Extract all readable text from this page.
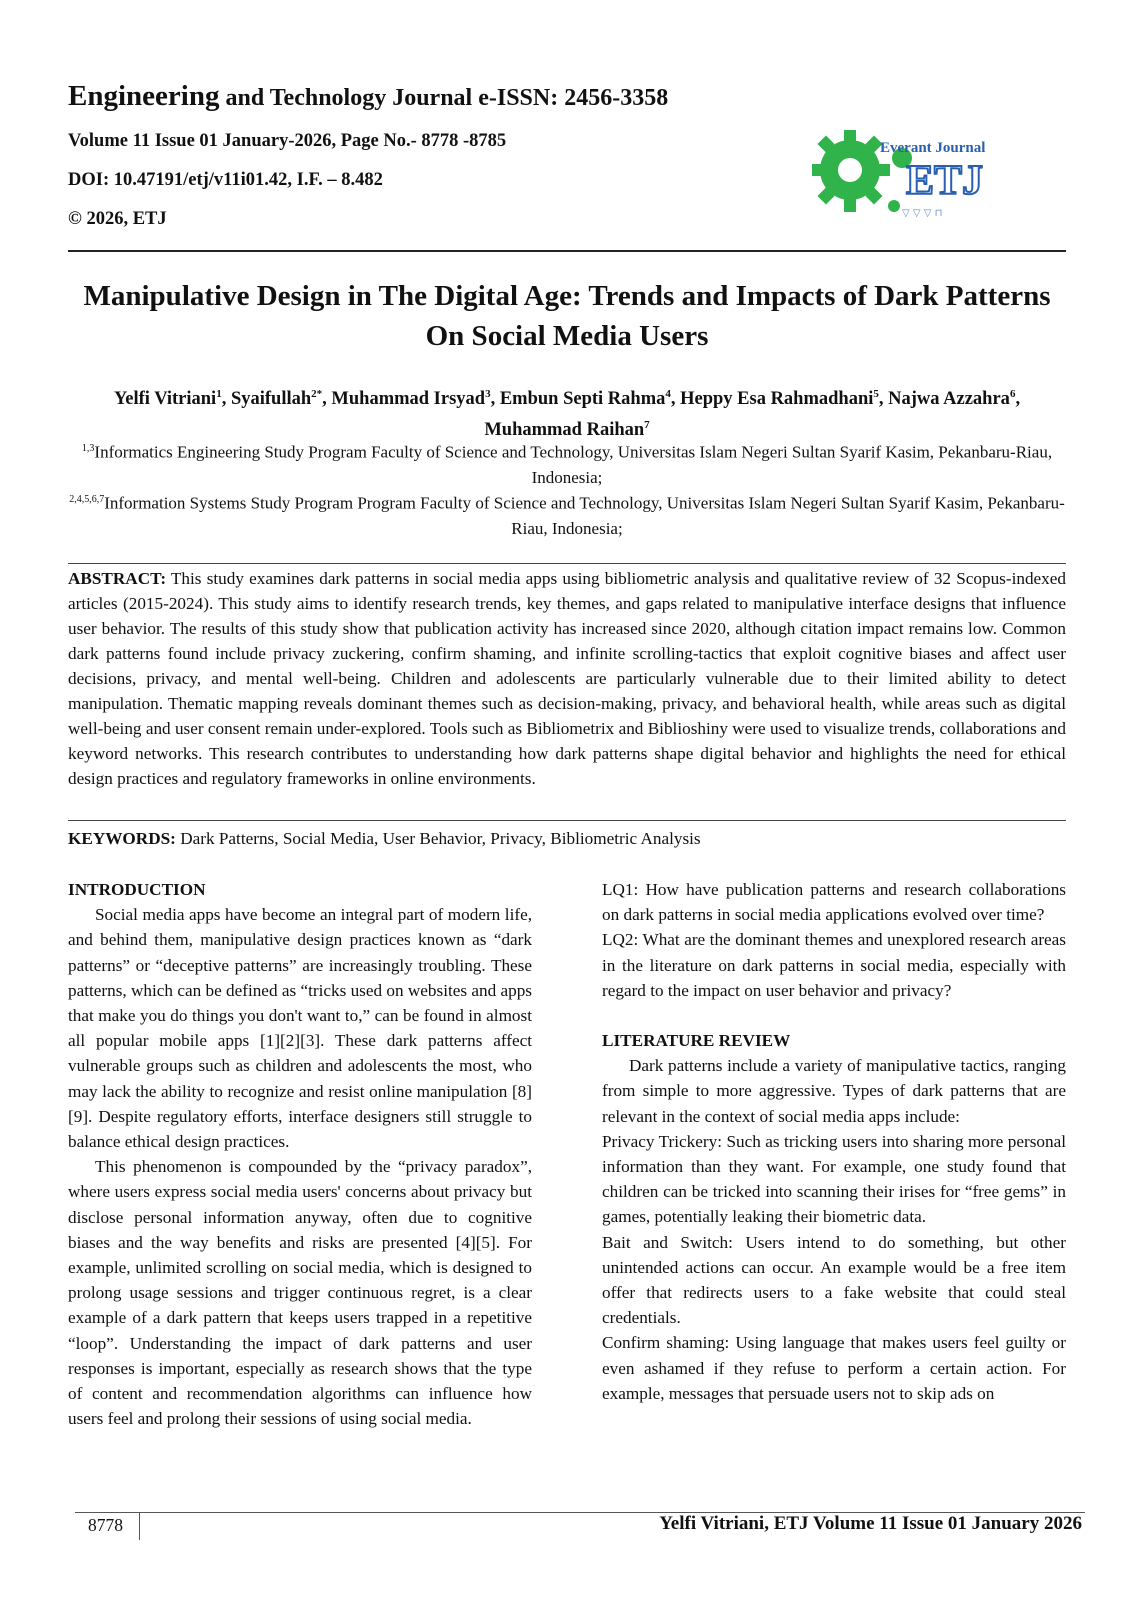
Engineering and Technology Journal e-ISSN: 2456-3358
Volume 11 Issue 01 January-2026, Page No.- 8778 -8785
DOI: 10.47191/etj/v11i01.42, I.F. – 8.482
© 2026, ETJ
Everant Journal
ETJ
▽ ▽ ▽ ⊓
Manipulative Design in The Digital Age: Trends and Impacts of Dark Patterns On Social Media Users
Yelfi Vitriani$^1$, Syaifullah$^{2*}$, Muhammad Irsyad$^3$, Embun Septi Rahma$^4$, Heppy Esa Rahmadhani$^5$, Najwa Azzahra$^6$, Muhammad Raihan$^7$
$^{1,3}$Informatics Engineering Study Program Faculty of Science and Technology, Universitas Islam Negeri Sultan Syarif Kasim, Pekanbaru-Riau, Indonesia;
$^{2,4,5,6,7}$Information Systems Study Program Program Faculty of Science and Technology, Universitas Islam Negeri Sultan Syarif Kasim, Pekanbaru-Riau, Indonesia;
ABSTRACT: This study examines dark patterns in social media apps using bibliometric analysis and qualitative review of 32 Scopus-indexed articles (2015-2024). This study aims to identify research trends, key themes, and gaps related to manipulative interface designs that influence user behavior. The results of this study show that publication activity has increased since 2020, although citation impact remains low. Common dark patterns found include privacy zuckering, confirm shaming, and infinite scrolling-tactics that exploit cognitive biases and affect user decisions, privacy, and mental well-being. Children and adolescents are particularly vulnerable due to their limited ability to detect manipulation. Thematic mapping reveals dominant themes such as decision-making, privacy, and behavioral health, while areas such as digital well-being and user consent remain under-explored. Tools such as Bibliometrix and Biblioshiny were used to visualize trends, collaborations and keyword networks. This research contributes to understanding how dark patterns shape digital behavior and highlights the need for ethical design practices and regulatory frameworks in online environments.
KEYWORDS: Dark Patterns, Social Media, User Behavior, Privacy, Bibliometric Analysis
INTRODUCTION

Social media apps have become an integral part of modern life, and behind them, manipulative design practices known as “dark patterns” or “deceptive patterns” are increasingly troubling. These patterns, which can be defined as “tricks used on websites and apps that make you do things you don't want to,” can be found in almost all popular mobile apps [1][2][3]. These dark patterns affect vulnerable groups such as children and adolescents the most, who may lack the ability to recognize and resist online manipulation [8][9]. Despite regulatory efforts, interface designers still struggle to balance ethical design practices.

This phenomenon is compounded by the “privacy paradox”, where users express social media users' concerns about privacy but disclose personal information anyway, often due to cognitive biases and the way benefits and risks are presented [4][5]. For example, unlimited scrolling on social media, which is designed to prolong usage sessions and trigger continuous regret, is a clear example of a dark pattern that keeps users trapped in a repetitive “loop”. Understanding the impact of dark patterns and user responses is important, especially as research shows that the type of content and recommendation algorithms can influence how users feel and prolong their sessions of using social media.

LQ1: How have publication patterns and research collaborations on dark patterns in social media applications evolved over time?

LQ2: What are the dominant themes and unexplored research areas in the literature on dark patterns in social media, especially with regard to the impact on user behavior and privacy?

LITERATURE REVIEW

Dark patterns include a variety of manipulative tactics, ranging from simple to more aggressive. Types of dark patterns that are relevant in the context of social media apps include:

Privacy Trickery: Such as tricking users into sharing more personal information than they want. For example, one study found that children can be tricked into scanning their irises for “free gems” in games, potentially leaking their biometric data.

Bait and Switch: Users intend to do something, but other unintended actions can occur. An example would be a free item offer that redirects users to a fake website that could steal credentials.

Confirm shaming: Using language that makes users feel guilty or even ashamed if they refuse to perform a certain action. For example, messages that persuade users not to skip ads on

8778	Yelfi Vitriani, ETJ Volume 11 Issue 01 January 2026
